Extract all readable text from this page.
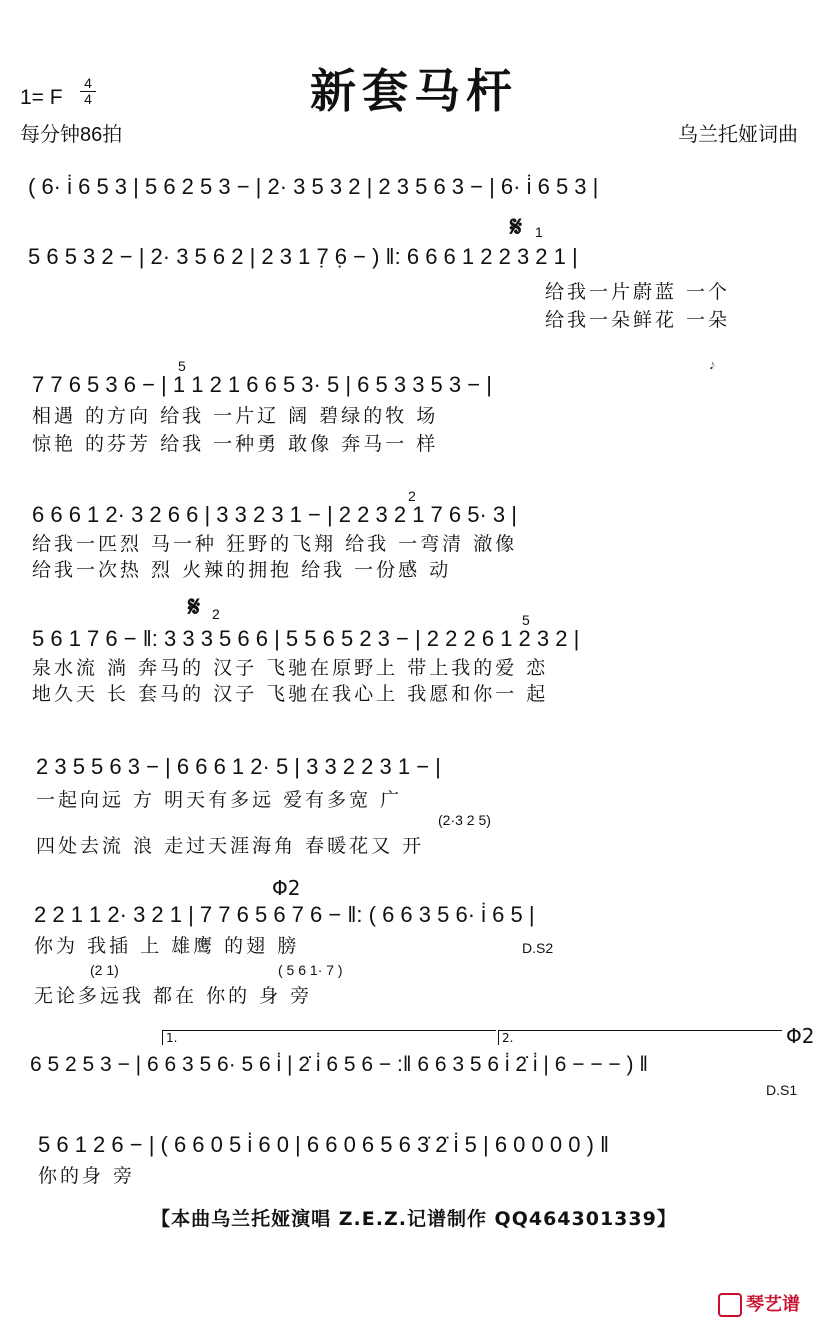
新套马杆
1= F
4
4
每分钟86拍	乌兰托娅词曲
( 6· i̇ 6 5 3 | 5 6 2 5 3 − | 2· 3 5 3 2 | 2 3 5 6 3 − | 6· i̇ 6 5 3 |
𝄋 1
5 6 5 3 2 − | 2· 3 5 6 2 | 2 3 1 7̣ 6̣ − ) ‖: 6 6 6 1 2 2 3 2 1 |
给我一片蔚蓝 一个
给我一朵鲜花 一朵
5	𝆕
7 7 6 5 3 6 − | 1 1 2 1 6 6 5 3· 5 | 6 5 3 3 5 3 − |
相遇 的方向 给我 一片辽 阔 碧绿的牧 场
惊艳 的芬芳 给我 一种勇 敢像 奔马一 样
2
6 6 6 1 2· 3 2 6 6 | 3 3 2 3 1 − | 2 2 3 2 1 7 6 5· 3 |
给我一匹烈 马一种 狂野的飞翔 给我 一弯清 澈像
给我一次热 烈 火辣的拥抱 给我 一份感 动
𝄋 2	5
5 6 1 7 6 − ‖: 3 3 3 5 6 6 | 5 5 6 5 2 3 − | 2 2 2 6 1 2 3 2 |
泉水流 淌 奔马的 汉子 飞驰在原野上 带上我的爱 恋
地久天 长 套马的 汉子 飞驰在我心上 我愿和你一 起
2 3 5 5 6 3 − | 6 6 6 1 2· 5 | 3 3 2 2 3 1 − |
一起向远 方 明天有多远 爱有多宽 广
(2·3 2 5)
四处去流 浪 走过天涯海角 春暖花又 开
Φ2
2 2 1 1 2· 3 2 1 | 7 7 6 5 6 7 6 − ‖: ( 6 6 3 5 6· i̇ 6 5 |
你为 我插 上 雄鹰 的翅 膀	D.S2
(2 1)	( 5 6 1· 7 )
无论多远我 都在 你的 身 旁
1.	2.	Φ2
6 5 2 5 3 − | 6 6 3 5 6· 5 6 i̇ | 2̇ i̇ 6 5 6 − :‖ 6 6 3 5 6 i̇ 2̇ i̇ | 6 − − − ) ‖
D.S1
5 6 1 2 6 − | ( 6 6 0 5 i̇ 6 0 | 6 6 0 6 5 6 3̇ 2̇ i̇ 5 | 6 0 0 0 0 ) ‖
你的身 旁
【本曲乌兰托娅演唱 Z.E.Z.记谱制作 QQ464301339】
琴艺谱
